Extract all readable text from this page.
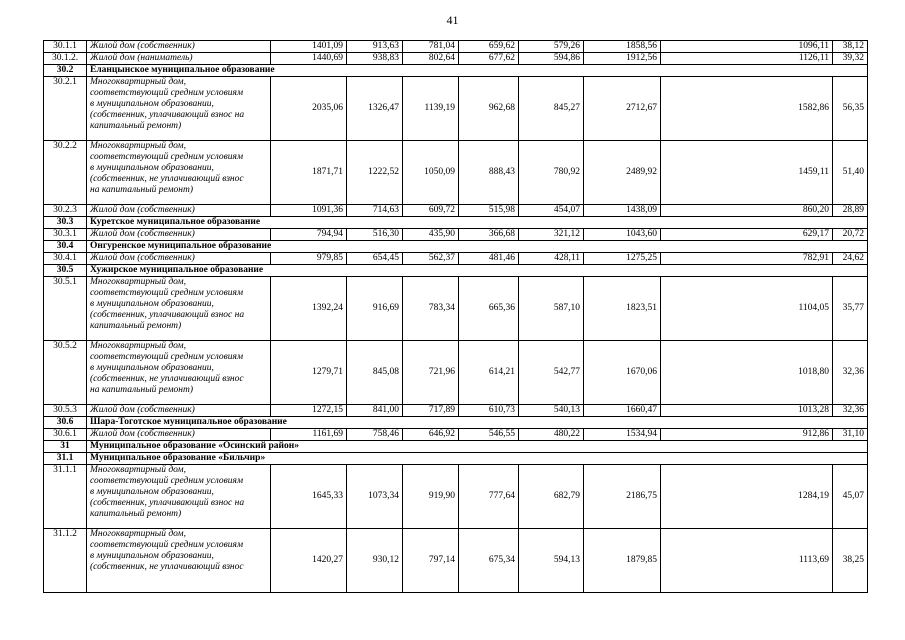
41
30.1.1	Жилой дом (собственник)	1401,09	913,63	781,04	659,62	579,26	1858,56	1096,11	38,12
30.1.2.	Жилой дом (наниматель)	1440,69	938,83	802,64	677,62	594,86	1912,56	1126,11	39,32
30.2	Еланцынское муниципальное образование								
30.2.1	Многоквартирный дом,
соответствующий средним условиям
в муниципальном образовании,
(собственник, уплачивающий взнос на
капитальный ремонт)	2035,06	1326,47	1139,19	962,68	845,27	2712,67	1582,86	56,35
30.2.2	Многоквартирный дом,
соответствующий средним условиям
в муниципальном образовании,
(собственник, не уплачивающий взнос
на капитальный ремонт)	1871,71	1222,52	1050,09	888,43	780,92	2489,92	1459,11	51,40
30.2.3	Жилой дом (собственник)	1091,36	714,63	609,72	515,98	454,07	1438,09	860,20	28,89
30.3	Куретское муниципальное образование								
30.3.1	Жилой дом (собственник)	794,94	516,30	435,90	366,68	321,12	1043,60	629,17	20,72
30.4	Онгуренское муниципальное образование								
30.4.1	Жилой дом (собственник)	979,85	654,45	562,37	481,46	428,11	1275,25	782,91	24,62
30.5	Хужирское муниципальное образование								
30.5.1	Многоквартирный дом,
соответствующий средним условиям
в муниципальном образовании,
(собственник, уплачивающий взнос на
капитальный ремонт)	1392,24	916,69	783,34	665,36	587,10	1823,51	1104,05	35,77
30.5.2	Многоквартирный дом,
соответствующий средним условиям
в муниципальном образовании,
(собственник, не уплачивающий взнос
на капитальный ремонт)	1279,71	845,08	721,96	614,21	542,77	1670,06	1018,80	32,36
30.5.3	Жилой дом (собственник)	1272,15	841,00	717,89	610,73	540,13	1660,47	1013,28	32,36
30.6	Шара-Тоготское муниципальное образование								
30.6.1	Жилой дом (собственник)	1161,69	758,46	646,92	546,55	480,22	1534,94	912,86	31,10
31	Муниципальное образование «Осинский район»								
31.1	Муниципальное образование «Бильчир»								
31.1.1	Многоквартирный дом,
соответствующий средним условиям
в муниципальном образовании,
(собственник, уплачивающий взнос на
капитальный ремонт)	1645,33	1073,34	919,90	777,64	682,79	2186,75	1284,19	45,07
31.1.2	Многоквартирный дом,
соответствующий средним условиям
в муниципальном образовании,
(собственник, не уплачивающий взнос	1420,27	930,12	797,14	675,34	594,13	1879,85	1113,69	38,25
